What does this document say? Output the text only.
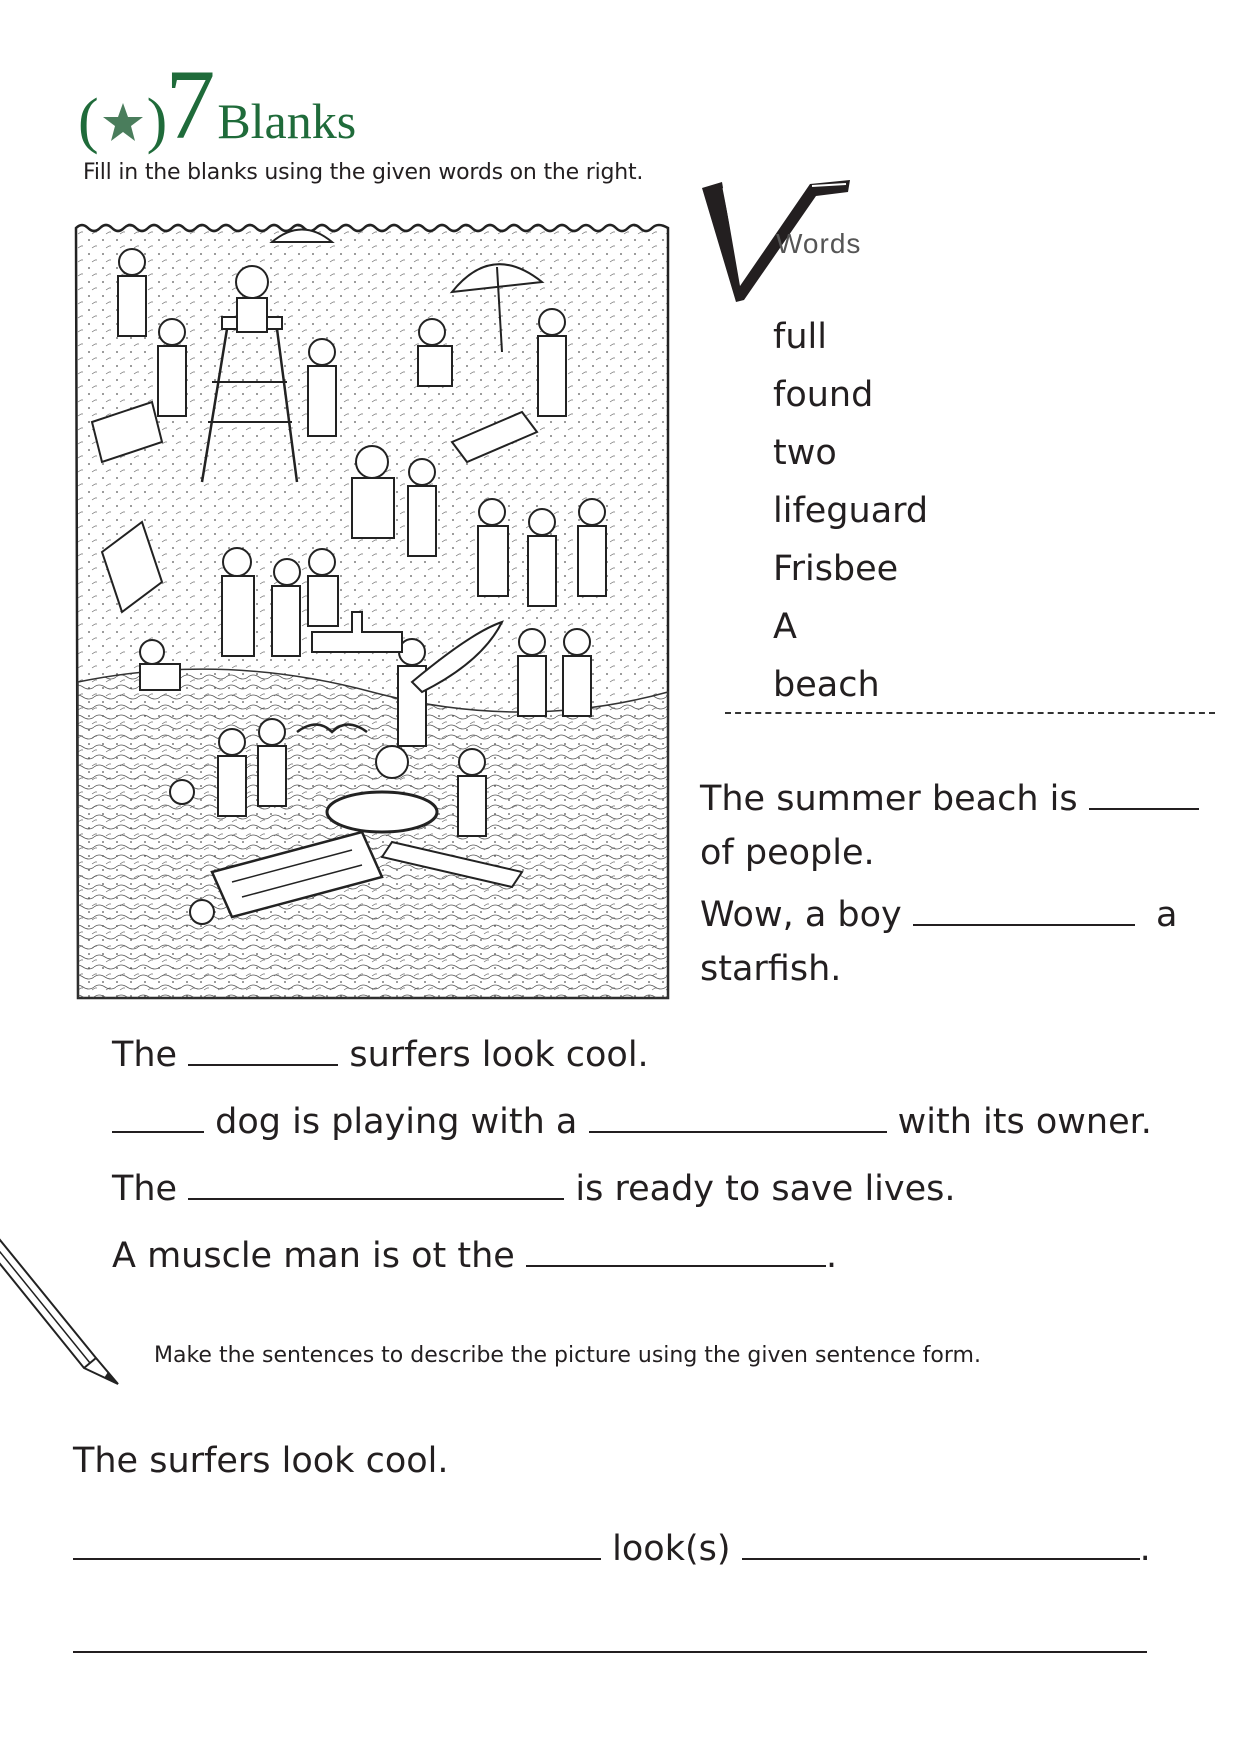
( )
7 Blanks
Fill in the blanks using the given words on the right.
Words
full
found
two
lifeguard
Frisbee
A
beach
The summer beach is
of people.
Wow, a boy	a
starfish.
The	surfers look cool.
dog is playing with a	with its owner.
The	is ready to save lives.
A muscle man is ot the	.
Make the sentences to describe the picture using the given sentence form.
The surfers look cool.
look(s)	.
